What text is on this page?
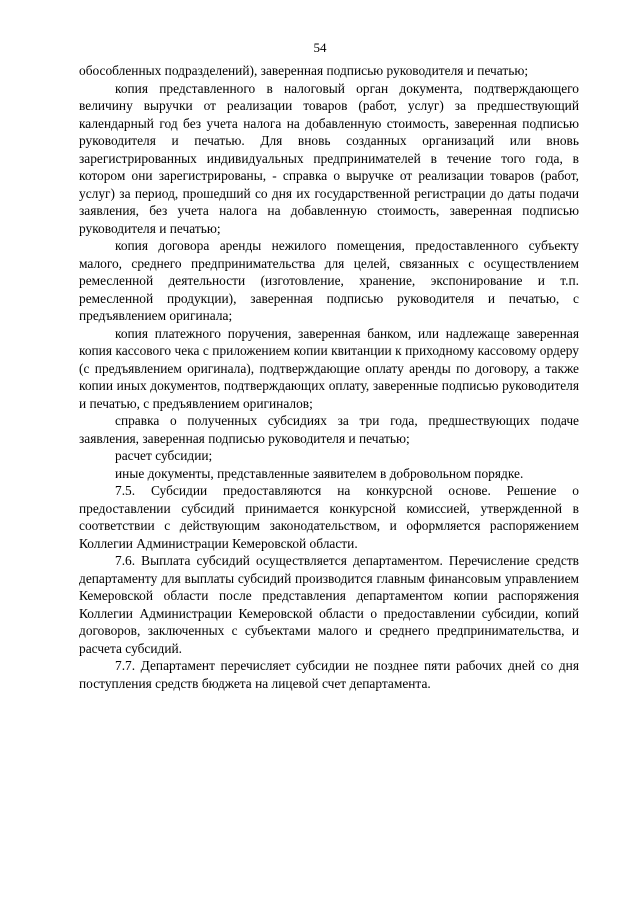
54

обособленных подразделений), заверенная подписью руководителя и печатью;

копия представленного в налоговый орган документа, подтверждающего величину выручки от реализации товаров (работ, услуг) за предшествующий календарный год без учета налога на добавленную стоимость, заверенная подписью руководителя и печатью. Для вновь созданных организаций или вновь зарегистрированных индивидуальных предпринимателей в течение того года, в котором они зарегистрированы, - справка о выручке от реализации товаров (работ, услуг) за период, прошедший со дня их государственной регистрации до даты подачи заявления, без учета налога на добавленную стоимость, заверенная подписью руководителя и печатью;

копия договора аренды нежилого помещения, предоставленного субъекту малого, среднего предпринимательства для целей, связанных с осуществлением ремесленной деятельности (изготовление, хранение, экспонирование и т.п. ремесленной продукции), заверенная подписью руководителя и печатью, с предъявлением оригинала;

копия платежного поручения, заверенная банком, или надлежаще заверенная копия кассового чека с приложением копии квитанции к приходному кассовому ордеру (с предъявлением оригинала), подтверждающие оплату аренды по договору, а также копии иных документов, подтверждающих оплату, заверенные подписью руководителя и печатью, с предъявлением оригиналов;

справка о полученных субсидиях за три года, предшествующих подаче заявления, заверенная подписью руководителя и печатью;

расчет субсидии;

иные документы, представленные заявителем в добровольном порядке.

7.5. Субсидии предоставляются на конкурсной основе. Решение о предоставлении субсидий принимается конкурсной комиссией, утвержденной в соответствии с действующим законодательством, и оформляется распоряжением Коллегии Администрации Кемеровской области.

7.6. Выплата субсидий осуществляется департаментом. Перечисление средств департаменту для выплаты субсидий производится главным финансовым управлением Кемеровской области после представления департаментом копии распоряжения Коллегии Администрации Кемеровской области о предоставлении субсидии, копий договоров, заключенных с субъектами малого и среднего предпринимательства, и расчета субсидий.

7.7. Департамент перечисляет субсидии не позднее пяти рабочих дней со дня поступления средств бюджета на лицевой счет департамента.
